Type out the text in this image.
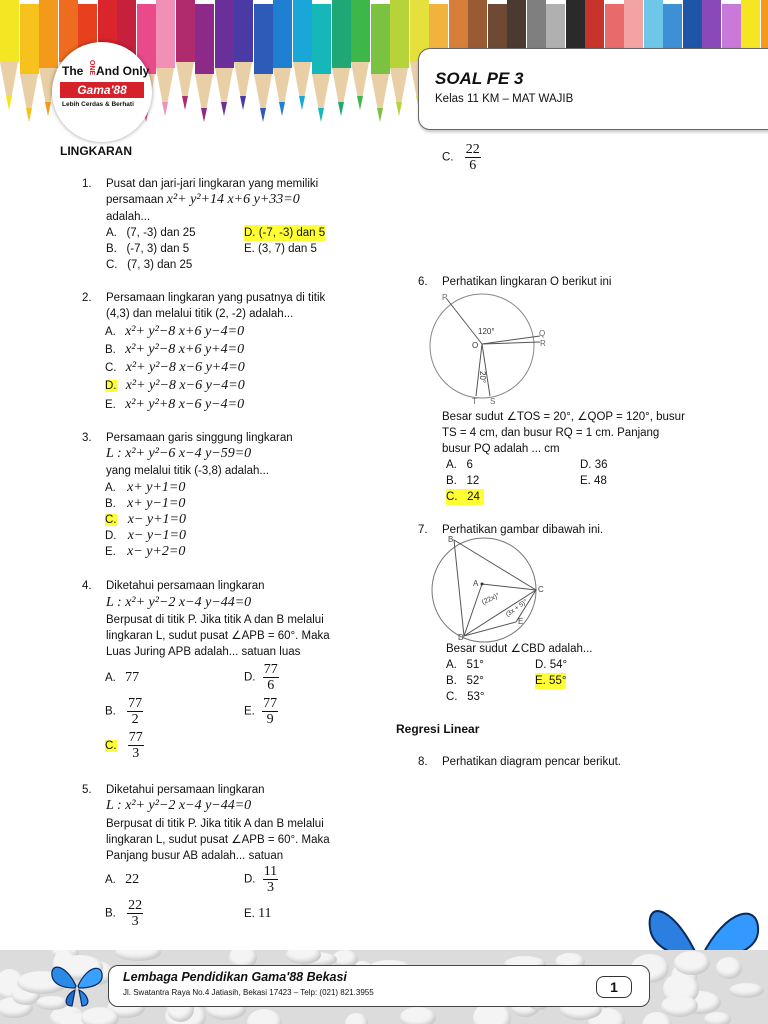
The ONE And Only
Gama'88
Lebih Cerdas & Berhati
SOAL PE 3
Kelas 11 KM – MAT WAJIB
LINGKARAN
1. Pusat dan jari-jari lingkaran yang memiliki
persamaan x²+ y²+14 x+6 y+33=0
adalah...
A.   (7, -3) dan 25
B.   (-7, 3) dan 5
C.   (7, 3) dan 25
D. (-7, -3) dan 5
E. (3, 7) dan 5
2. Persamaan lingkaran yang pusatnya di titik
(4,3) dan melalui titik (2, -2) adalah...
A. x²+ y²−8 x+6 y−4=0
B. x²+ y²−8 x+6 y+4=0
C. x²+ y²−8 x−6 y+4=0
D. x²+ y²−8 x−6 y−4=0
E. x²+ y²+8 x−6 y−4=0
3. Persamaan garis singgung lingkaran
L : x²+ y²−6 x−4 y−59=0
yang melalui titik (-3,8) adalah...
A. x+ y+1=0
B. x+ y−1=0
C. x− y+1=0
D. x− y−1=0
E. x− y+2=0
4. Diketahui persamaan lingkaran
L : x²+ y²−2 x−4 y−44=0
Berpusat di titik P. Jika titik A dan B melalui
lingkaran L, sudut pusat ∠APB = 60°. Maka
Luas Juring APB adalah... satuan luas
A. 77	D. $\frac{77}{6}$
B. $\frac{77}{2}$	E. $\frac{77}{9}$
C. $\frac{77}{3}$
5. Diketahui persamaan lingkaran
L : x²+ y²−2 x−4 y−44=0
Berpusat di titik P. Jika titik A dan B melalui
lingkaran L, sudut pusat ∠APB = 60°. Maka
Panjang busur AB adalah... satuan
A. 22	D. $\frac{11}{3}$
B. $\frac{22}{3}$	E. 11
C. $\frac{22}{6}$
6. Perhatikan lingkaran O berikut ini
P
Q
R
O
T S
120°
20°
Besar sudut ∠TOS = 20°, ∠QOP = 120°, busur
TS = 4 cm, dan busur RQ = 1 cm. Panjang
busur PQ adalah ... cm
A.   6
B.   12
C.   24
D. 36
E. 48
7. Perhatikan gambar dibawah ini.
B
A
C
D
E
(22x)° (3x + 5)°
Besar sudut ∠CBD adalah...
A.   51°
B.   52°
C.   53°
D. 54°
E. 55°
Regresi Linear
8. Perhatikan diagram pencar berikut.
Lembaga Pendidikan Gama'88 Bekasi
Jl. Swatantra Raya No.4 Jatiasih, Bekasi 17423 – Telp: (021) 821.3955	1
